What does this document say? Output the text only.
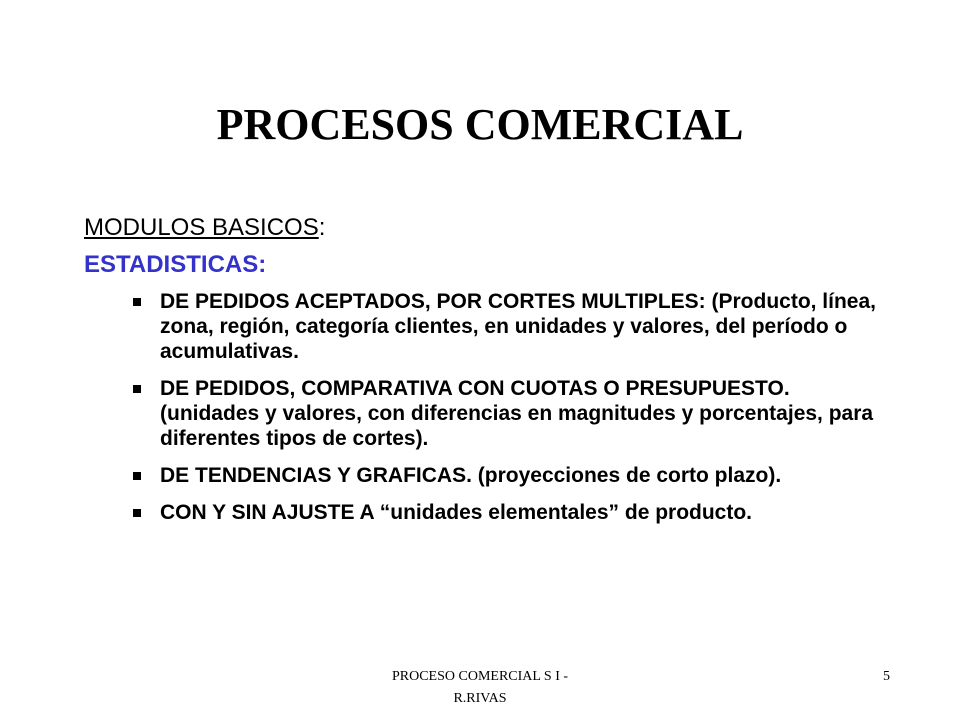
PROCESOS COMERCIAL

MODULOS BASICOS:

ESTADISTICAS:

DE PEDIDOS ACEPTADOS, POR CORTES MULTIPLES: (Producto, línea, zona, región, categoría clientes, en unidades y valores, del período o acumulativas.
DE PEDIDOS, COMPARATIVA CON CUOTAS O PRESUPUESTO. (unidades y valores, con diferencias en magnitudes y porcentajes, para diferentes tipos de cortes).
DE TENDENCIAS Y GRAFICAS. (proyecciones de corto plazo).
CON Y SIN AJUSTE A “unidades elementales” de producto.
PROCESO COMERCIAL S I -
R.RIVAS
5
